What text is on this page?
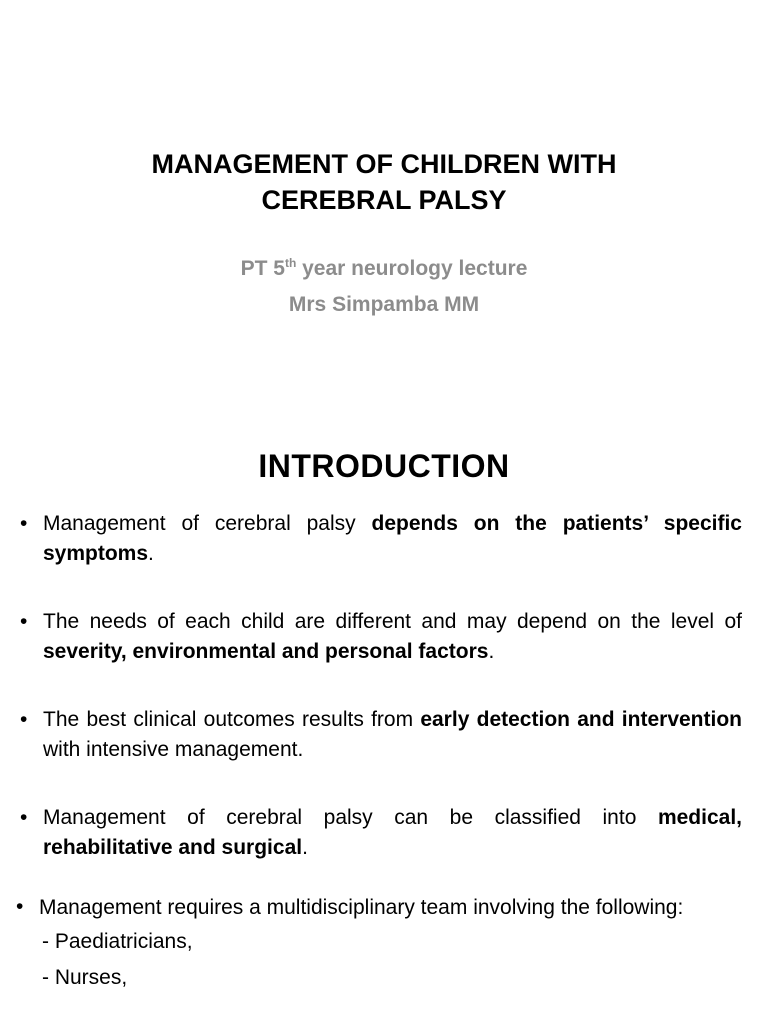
MANAGEMENT OF CHILDREN WITH
CEREBRAL PALSY
PT 5th year neurology lecture
Mrs Simpamba MM
INTRODUCTION
• Management of cerebral palsy depends on the patients’ specific symptoms.
• The needs of each child are different and may depend on the level of severity, environmental and personal factors.
• The best clinical outcomes results from early detection and intervention with intensive management.
• Management of cerebral palsy can be classified into medical, rehabilitative and surgical.
• Management requires a multidisciplinary team involving the following:
- Paediatricians,
- Nurses,
